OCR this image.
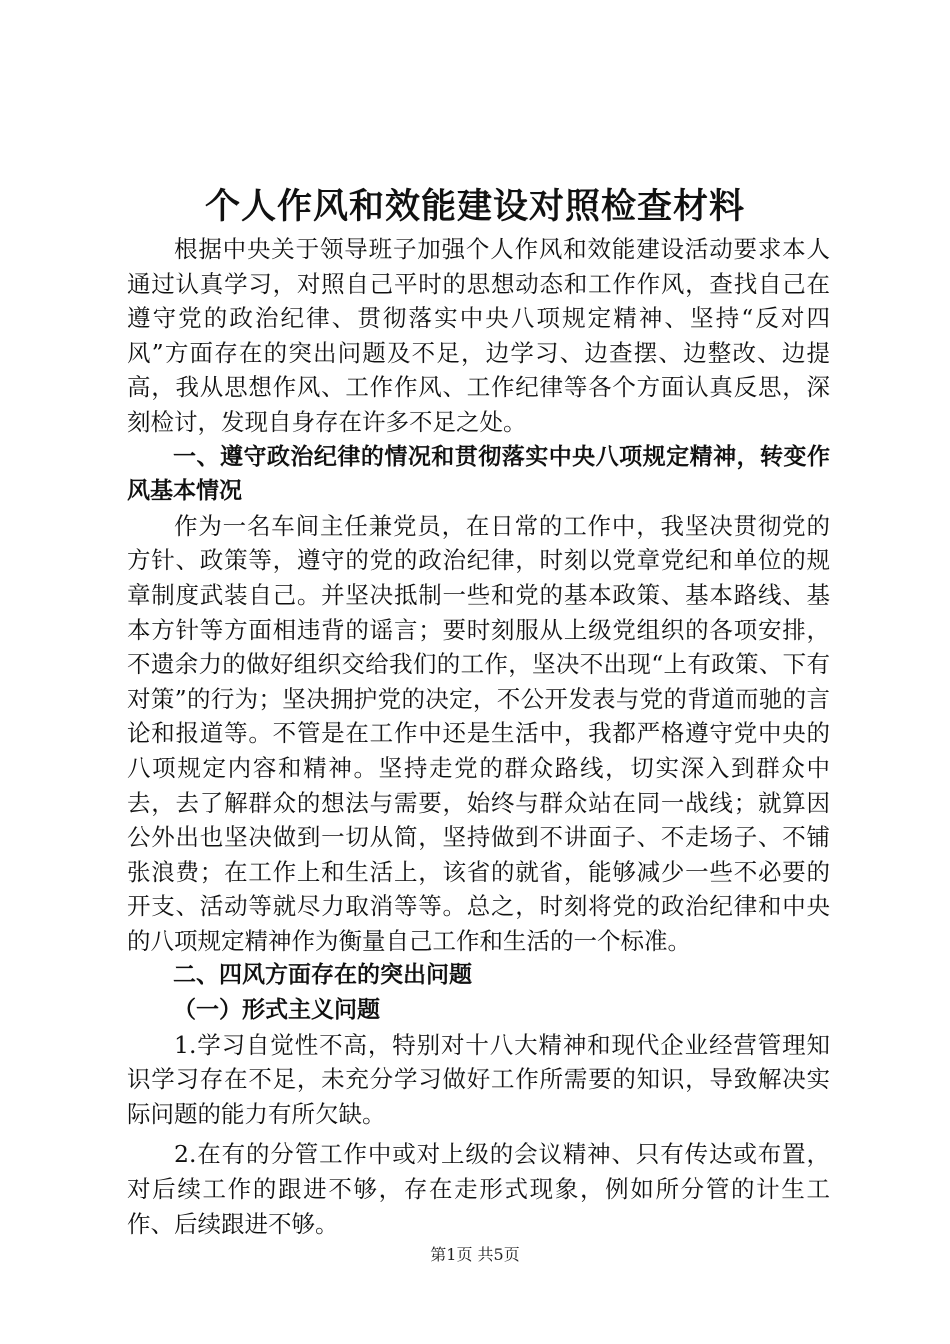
个人作风和效能建设对照检查材料

根据中央关于领导班子加强个人作风和效能建设活动要求本人通过认真学习，对照自己平时的思想动态和工作作风，查找自己在遵守党的政治纪律、贯彻落实中央八项规定精神、坚持“反对四风”方面存在的突出问题及不足，边学习、边查摆、边整改、边提高，我从思想作风、工作作风、工作纪律等各个方面认真反思，深刻检讨，发现自身存在许多不足之处。

一、遵守政治纪律的情况和贯彻落实中央八项规定精神，转变作风基本情况

作为一名车间主任兼党员，在日常的工作中，我坚决贯彻党的方针、政策等，遵守的党的政治纪律，时刻以党章党纪和单位的规章制度武装自己。并坚决抵制一些和党的基本政策、基本路线、基本方针等方面相违背的谣言；要时刻服从上级党组织的各项安排，不遗余力的做好组织交给我们的工作，坚决不出现“上有政策、下有对策”的行为；坚决拥护党的决定，不公开发表与党的背道而驰的言论和报道等。不管是在工作中还是生活中，我都严格遵守党中央的八项规定内容和精神。坚持走党的群众路线，切实深入到群众中去，去了解群众的想法与需要，始终与群众站在同一战线；就算因公外出也坚决做到一切从简，坚持做到不讲面子、不走场子、不铺张浪费；在工作上和生活上，该省的就省，能够减少一些不必要的开支、活动等就尽力取消等等。总之，时刻将党的政治纪律和中央的八项规定精神作为衡量自己工作和生活的一个标准。

二、四风方面存在的突出问题

（一）形式主义问题

1.学习自觉性不高，特别对十八大精神和现代企业经营管理知识学习存在不足，未充分学习做好工作所需要的知识，导致解决实际问题的能力有所欠缺。

2.在有的分管工作中或对上级的会议精神、只有传达或布置，对后续工作的跟进不够，存在走形式现象，例如所分管的计生工作、后续跟进不够。

第1页 共5页
